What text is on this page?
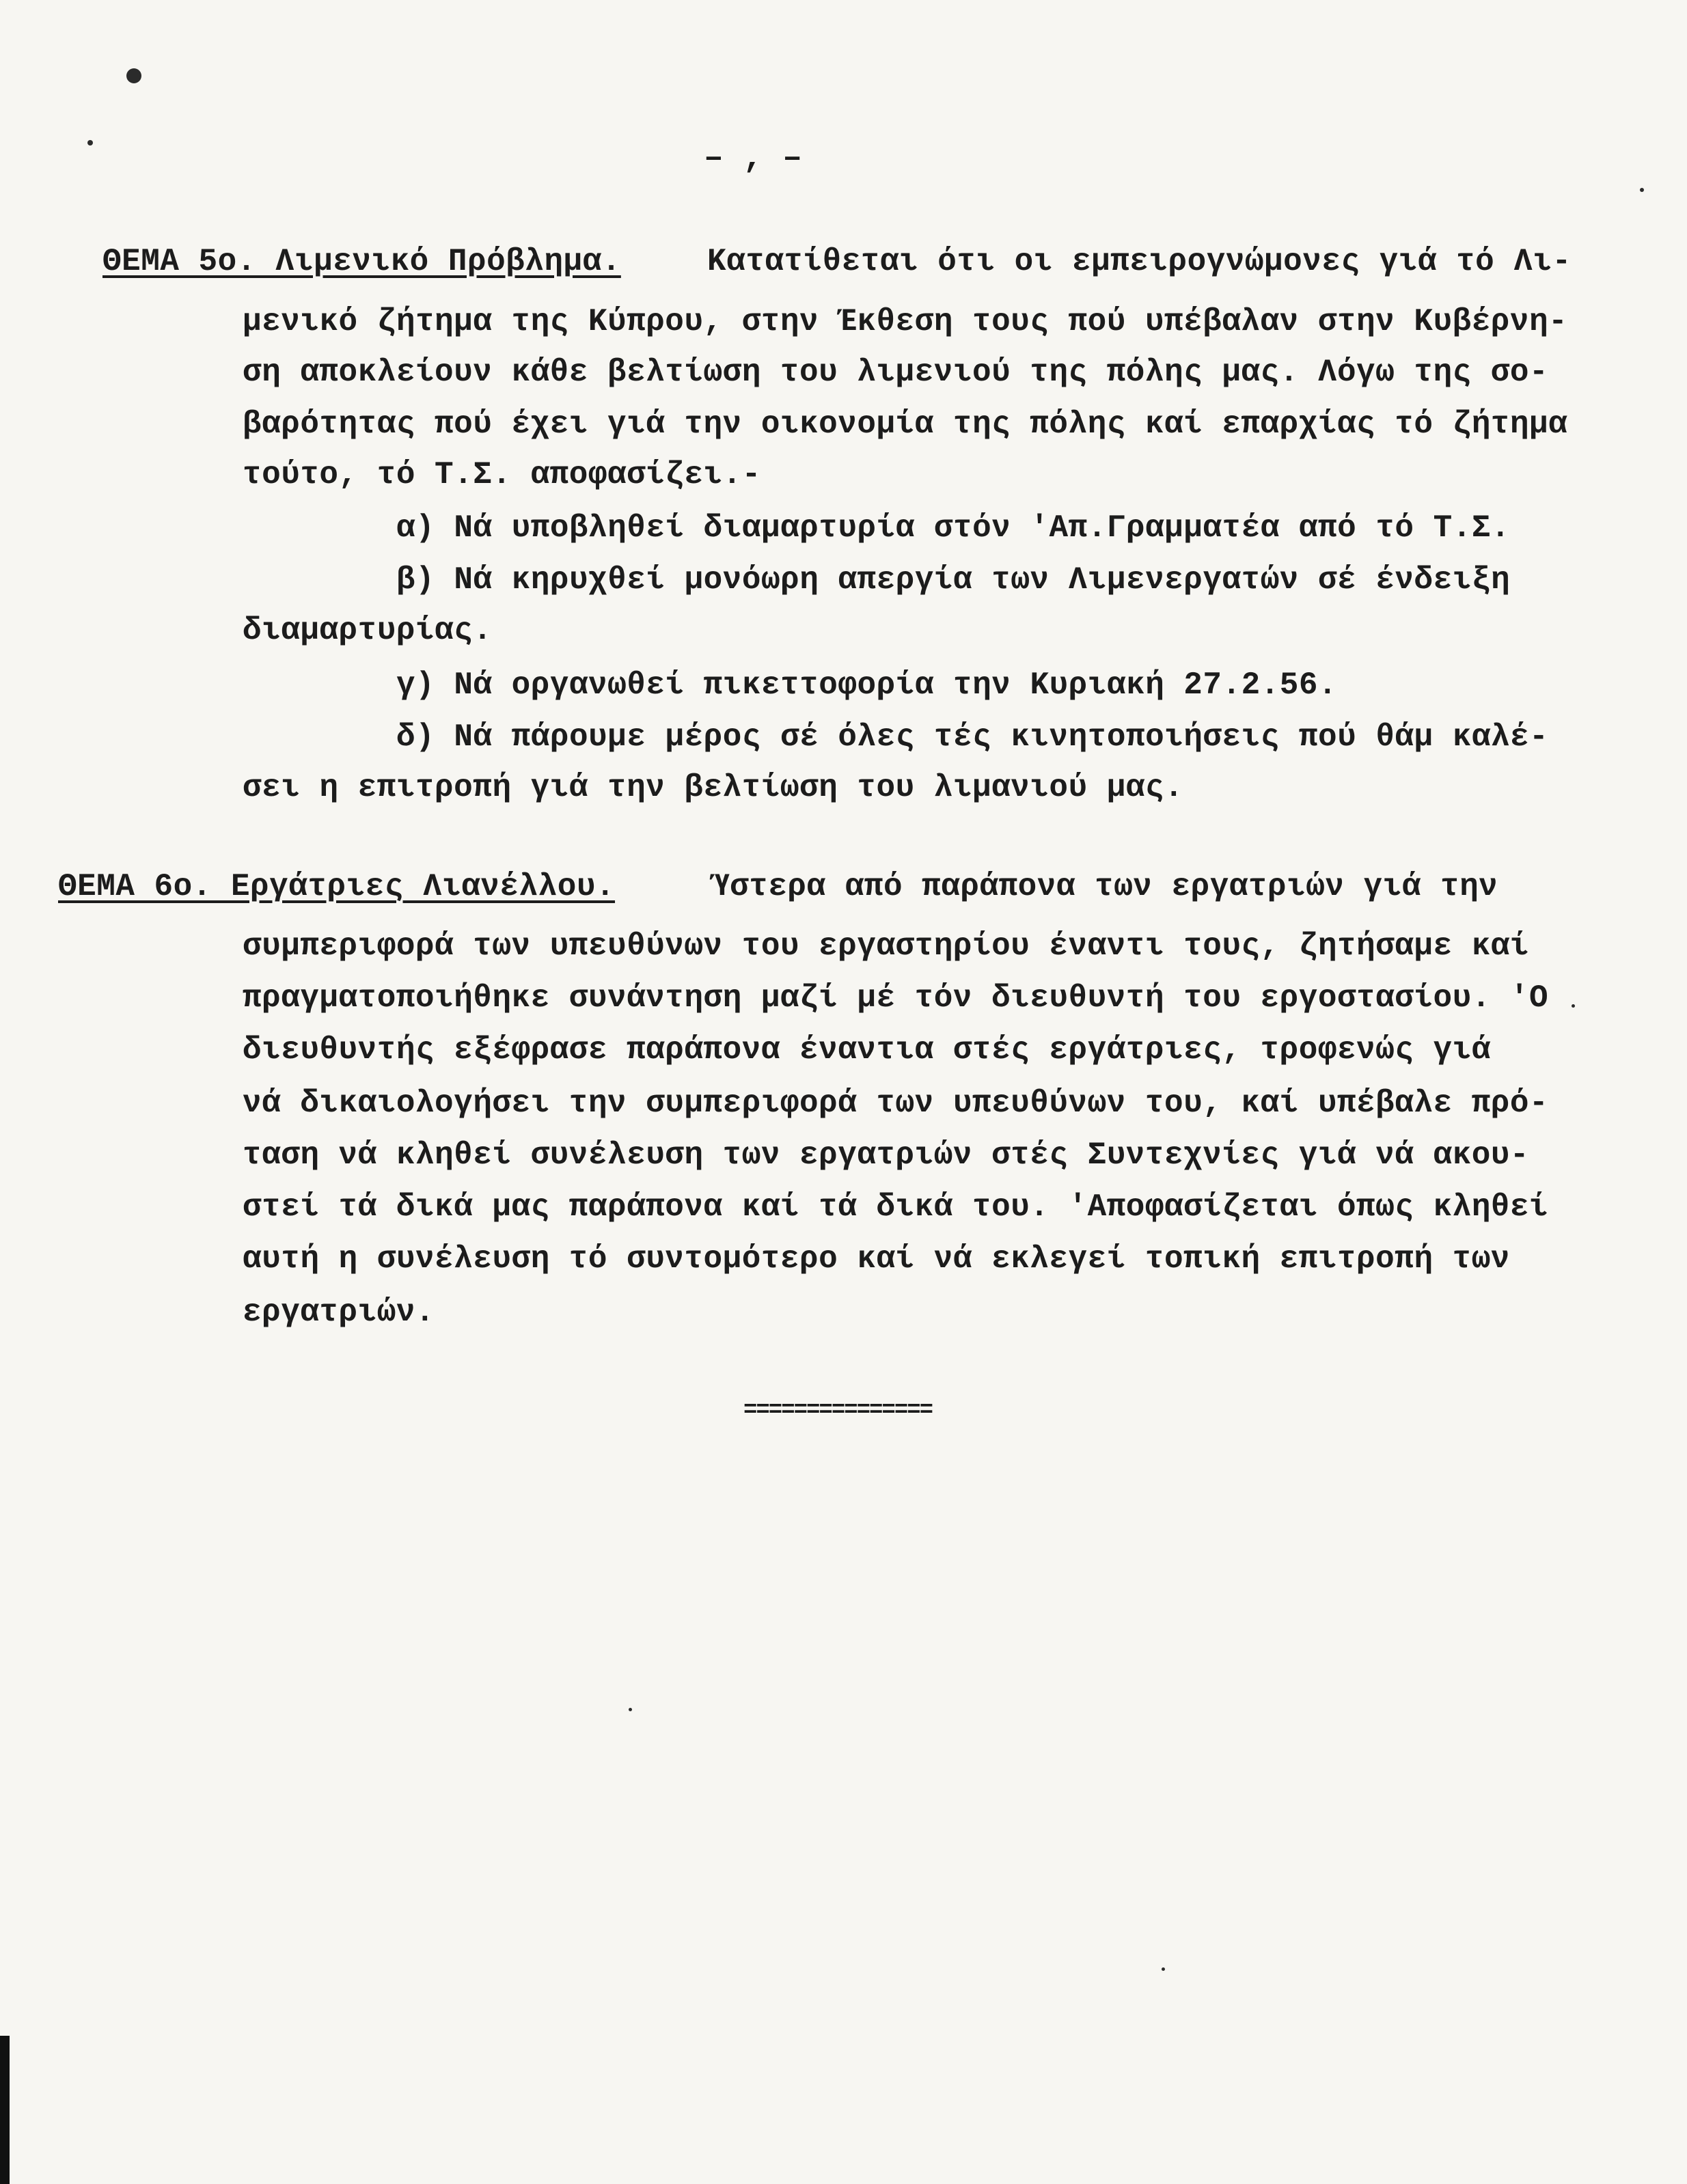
– , –
ΘΕΜΑ 5ο. Λιμενικό Πρόβλημα.	Κατατίθεται ότι οι εμπειρογνώμονες γιά τό Λι-
μενικό ζήτημα της Κύπρου, στην Έκθεση τους πού υπέβαλαν στην Κυβέρνη-
ση αποκλείουν κάθε βελτίωση του λιμενιού της πόλης μας. Λόγω της σο-
βαρότητας πού έχει γιά την οικονομία της πόλης καί επαρχίας τό ζήτημα
τούτο, τό Τ.Σ. αποφασίζει.-
α) Νά υποβληθεί διαμαρτυρία στόν 'Απ.Γραμματέα από τό Τ.Σ.
β) Νά κηρυχθεί μονόωρη απεργία των Λιμενεργατών σέ ένδειξη
διαμαρτυρίας.
γ) Νά οργανωθεί πικεττοφορία την Κυριακή 27.2.56.
δ) Νά πάρουμε μέρος σέ όλες τές κινητοποιήσεις πού θάμ καλέ-
σει η επιτροπή γιά την βελτίωση του λιμανιού μας.
ΘΕΜΑ 6ο. Εργάτριες Λιανέλλου.	Ύστερα από παράπονα των εργατριών γιά την
συμπεριφορά των υπευθύνων του εργαστηρίου έναντι τους, ζητήσαμε καί
πραγματοποιήθηκε συνάντηση μαζί μέ τόν διευθυντή του εργοστασίου. 'Ο
διευθυντής εξέφρασε παράπονα έναντια στές εργάτριες, τροφενώς γιά
νά δικαιολογήσει την συμπεριφορά των υπευθύνων του, καί υπέβαλε πρό-
ταση νά κληθεί συνέλευση των εργατριών στές Συντεχνίες γιά νά ακου-
στεί τά δικά μας παράπονα καί τά δικά του. 'Αποφασίζεται όπως κληθεί
αυτή η συνέλευση τό συντομότερο καί νά εκλεγεί τοπική επιτροπή των
εργατριών.
===============
